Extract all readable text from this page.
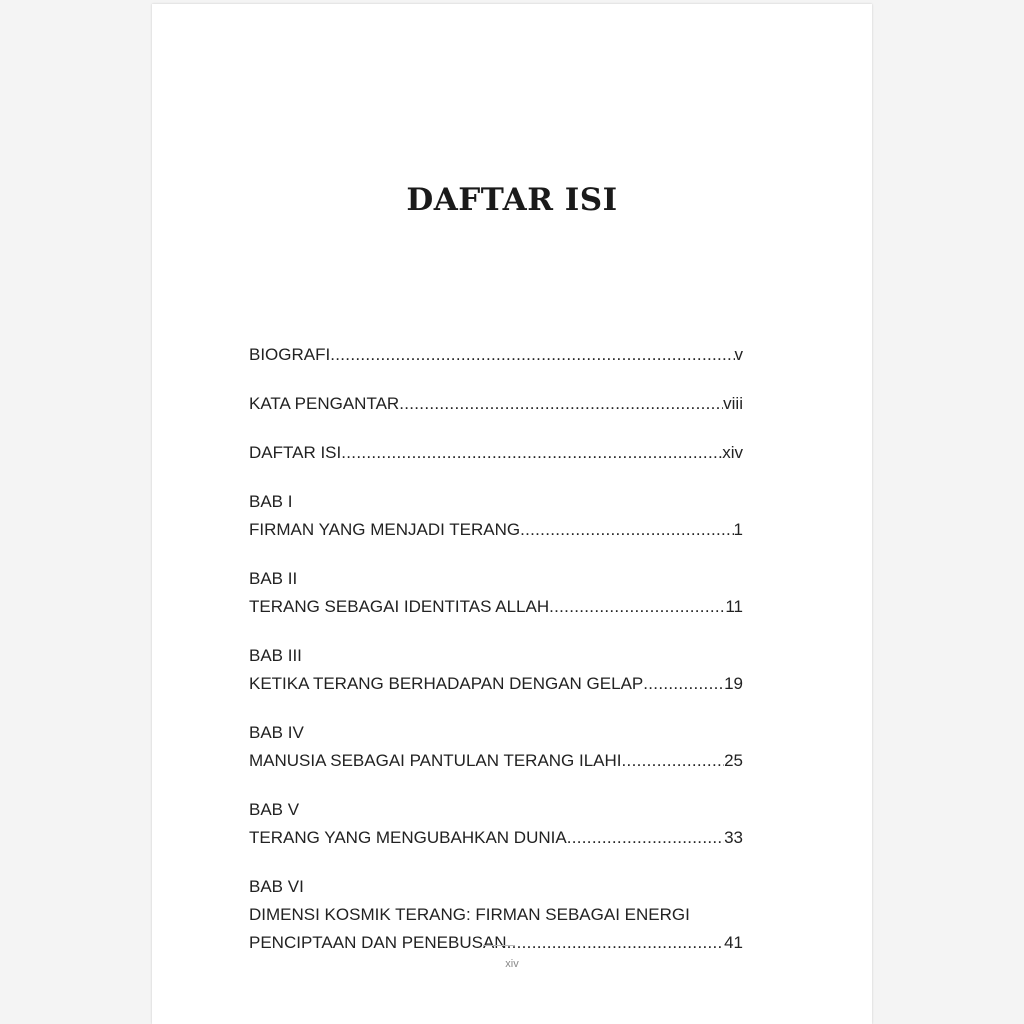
DAFTAR ISI
BIOGRAFI .....	v
KATA PENGANTAR .....	viii
DAFTAR ISI .....	xiv
BAB I
FIRMAN YANG MENJADI TERANG .....	1
BAB II
TERANG SEBAGAI IDENTITAS ALLAH .....	11
BAB III
KETIKA TERANG BERHADAPAN DENGAN GELAP .....	19
BAB IV
MANUSIA SEBAGAI PANTULAN TERANG ILAHI .....	25
BAB V
TERANG YANG MENGUBAHKAN DUNIA .....	33
BAB VI
DIMENSI KOSMIK TERANG: FIRMAN SEBAGAI ENERGI
PENCIPTAAN DAN PENEBUSAN .....	41
xiv
